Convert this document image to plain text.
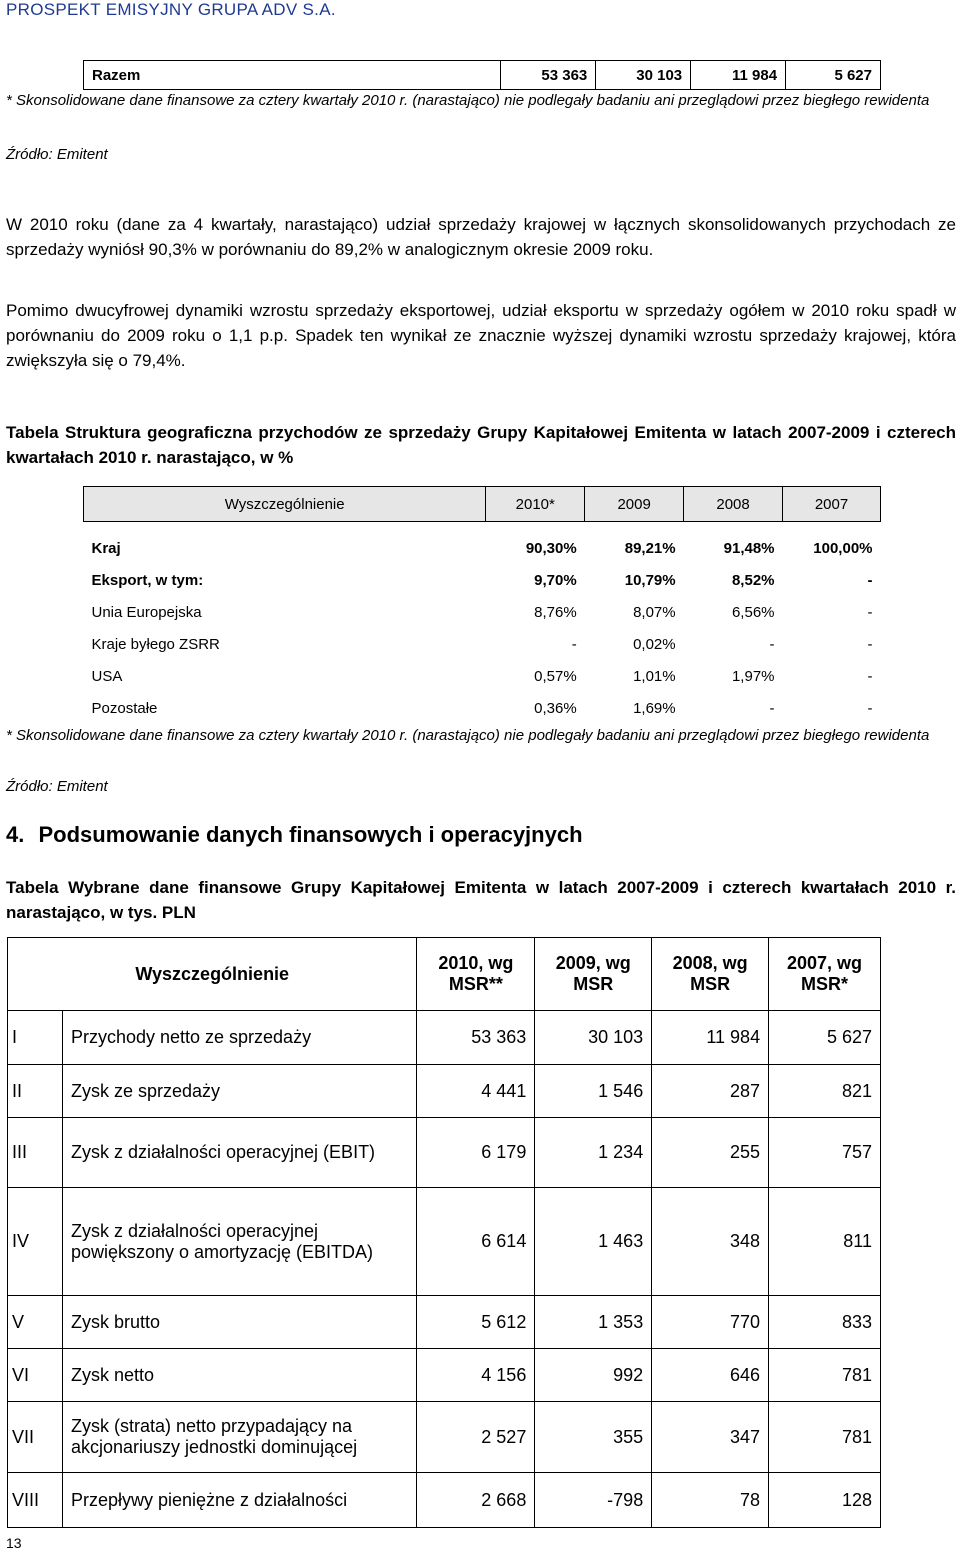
PROSPEKT EMISYJNY GRUPA ADV S.A.
Razem	53 363	30 103	11 984	5 627
* Skonsolidowane dane finansowe za cztery kwartały 2010 r. (narastająco) nie podlegały badaniu ani przeglądowi przez biegłego rewidenta
Źródło: Emitent
W 2010 roku (dane za 4 kwartały, narastająco) udział sprzedaży krajowej w łącznych skonsolidowanych przychodach ze sprzedaży wyniósł 90,3% w porównaniu do 89,2% w analogicznym okresie 2009 roku.
Pomimo dwucyfrowej dynamiki wzrostu sprzedaży eksportowej, udział eksportu w sprzedaży ogółem w 2010 roku spadł w porównaniu do 2009 roku o 1,1 p.p. Spadek ten wynikał ze znacznie wyższej dynamiki wzrostu sprzedaży krajowej, która zwiększyła się o 79,4%.
Tabela Struktura geograficzna przychodów ze sprzedaży Grupy Kapitałowej Emitenta w latach 2007-2009 i czterech kwartałach 2010 r. narastająco, w %
Wyszczególnienie	2010*	2009	2008	2007

Kraj	90,30%	89,21%	91,48%	100,00%
Eksport, w tym:	9,70%	10,79%	8,52%	-
Unia Europejska	8,76%	8,07%	6,56%	-
Kraje byłego ZSRR	-	0,02%	-	-
USA	0,57%	1,01%	1,97%	-
Pozostałe	0,36%	1,69%	-	-
* Skonsolidowane dane finansowe za cztery kwartały 2010 r. (narastająco) nie podlegały badaniu ani przeglądowi przez biegłego rewidenta
Źródło: Emitent
4. Podsumowanie danych finansowych i operacyjnych
Tabela Wybrane dane finansowe Grupy Kapitałowej Emitenta w latach 2007-2009 i czterech kwartałach 2010 r. narastająco, w tys. PLN
Wyszczególnienie		2010, wg MSR**	2009, wg MSR	2008, wg MSR	2007, wg MSR*
I	Przychody netto ze sprzedaży	53 363	30 103	11 984	5 627
II	Zysk ze sprzedaży	4 441	1 546	287	821
III	Zysk z działalności operacyjnej (EBIT)	6 179	1 234	255	757
IV	Zysk z działalności operacyjnej powiększony o amortyzację (EBITDA)	6 614	1 463	348	811
V	Zysk brutto	5 612	1 353	770	833
VI	Zysk netto	4 156	992	646	781
VII	Zysk (strata) netto przypadający na akcjonariuszy jednostki dominującej	2 527	355	347	781
VIII	Przepływy pieniężne z działalności	2 668	-798	78	128
13
